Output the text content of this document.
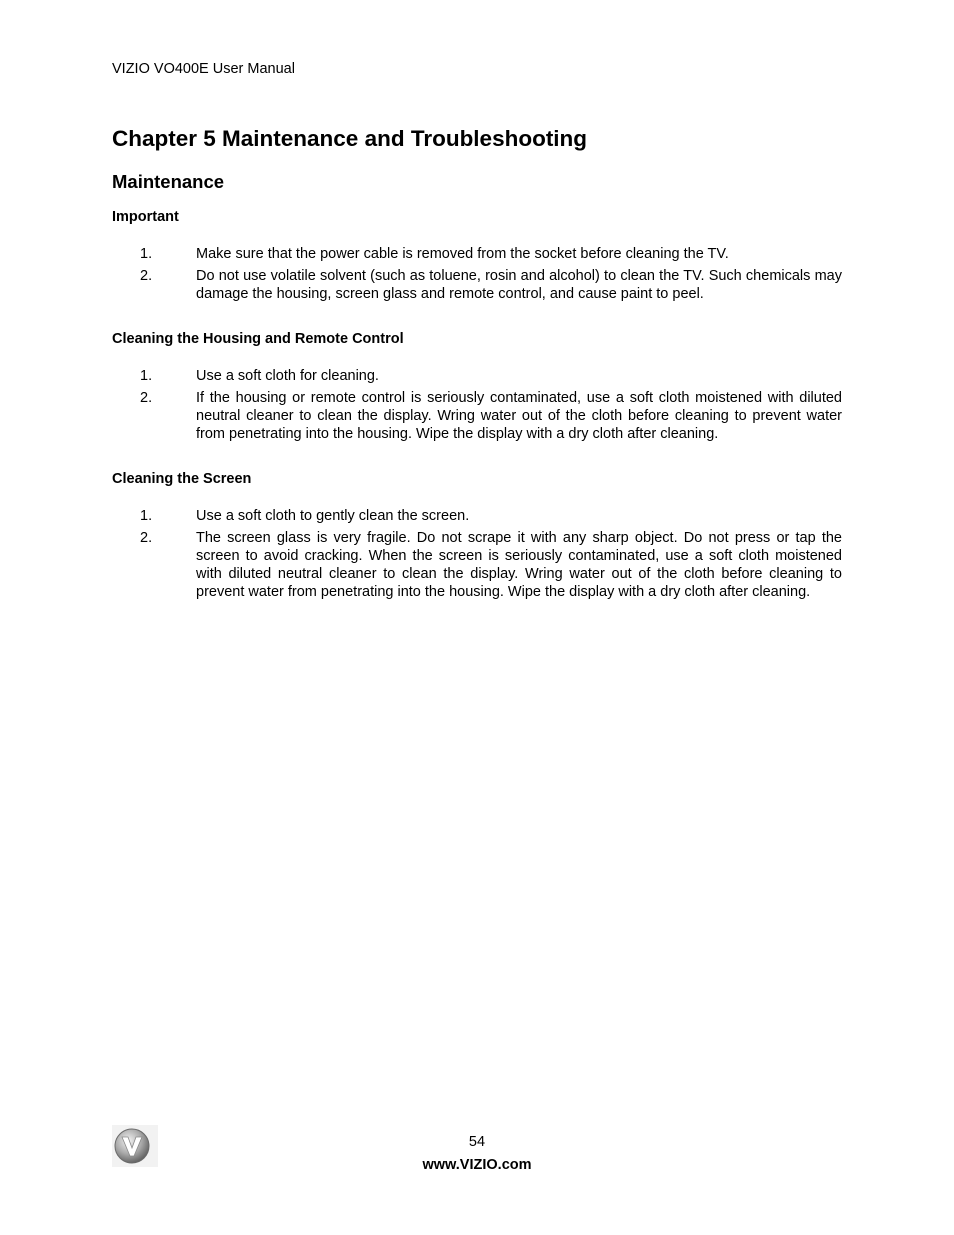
VIZIO VO400E User Manual
Chapter 5 Maintenance and Troubleshooting
Maintenance
Important
1.	Make sure that the power cable is removed from the socket before cleaning the TV.
2.	Do not use volatile solvent (such as toluene, rosin and alcohol) to clean the TV. Such chemicals may damage the housing, screen glass and remote control, and cause paint to peel.
Cleaning the Housing and Remote Control
1.	Use a soft cloth for cleaning.
2.	If the housing or remote control is seriously contaminated, use a soft cloth moistened with diluted neutral cleaner to clean the display. Wring water out of the cloth before cleaning to prevent water from penetrating into the housing. Wipe the display with a dry cloth after cleaning.
Cleaning the Screen
1.	Use a soft cloth to gently clean the screen.
2.	The screen glass is very fragile. Do not scrape it with any sharp object. Do not press or tap the screen to avoid cracking. When the screen is seriously contaminated, use a soft cloth moistened with diluted neutral cleaner to clean the display. Wring water out of the cloth before cleaning to prevent water from penetrating into the housing. Wipe the display with a dry cloth after cleaning.
54
www.VIZIO.com
